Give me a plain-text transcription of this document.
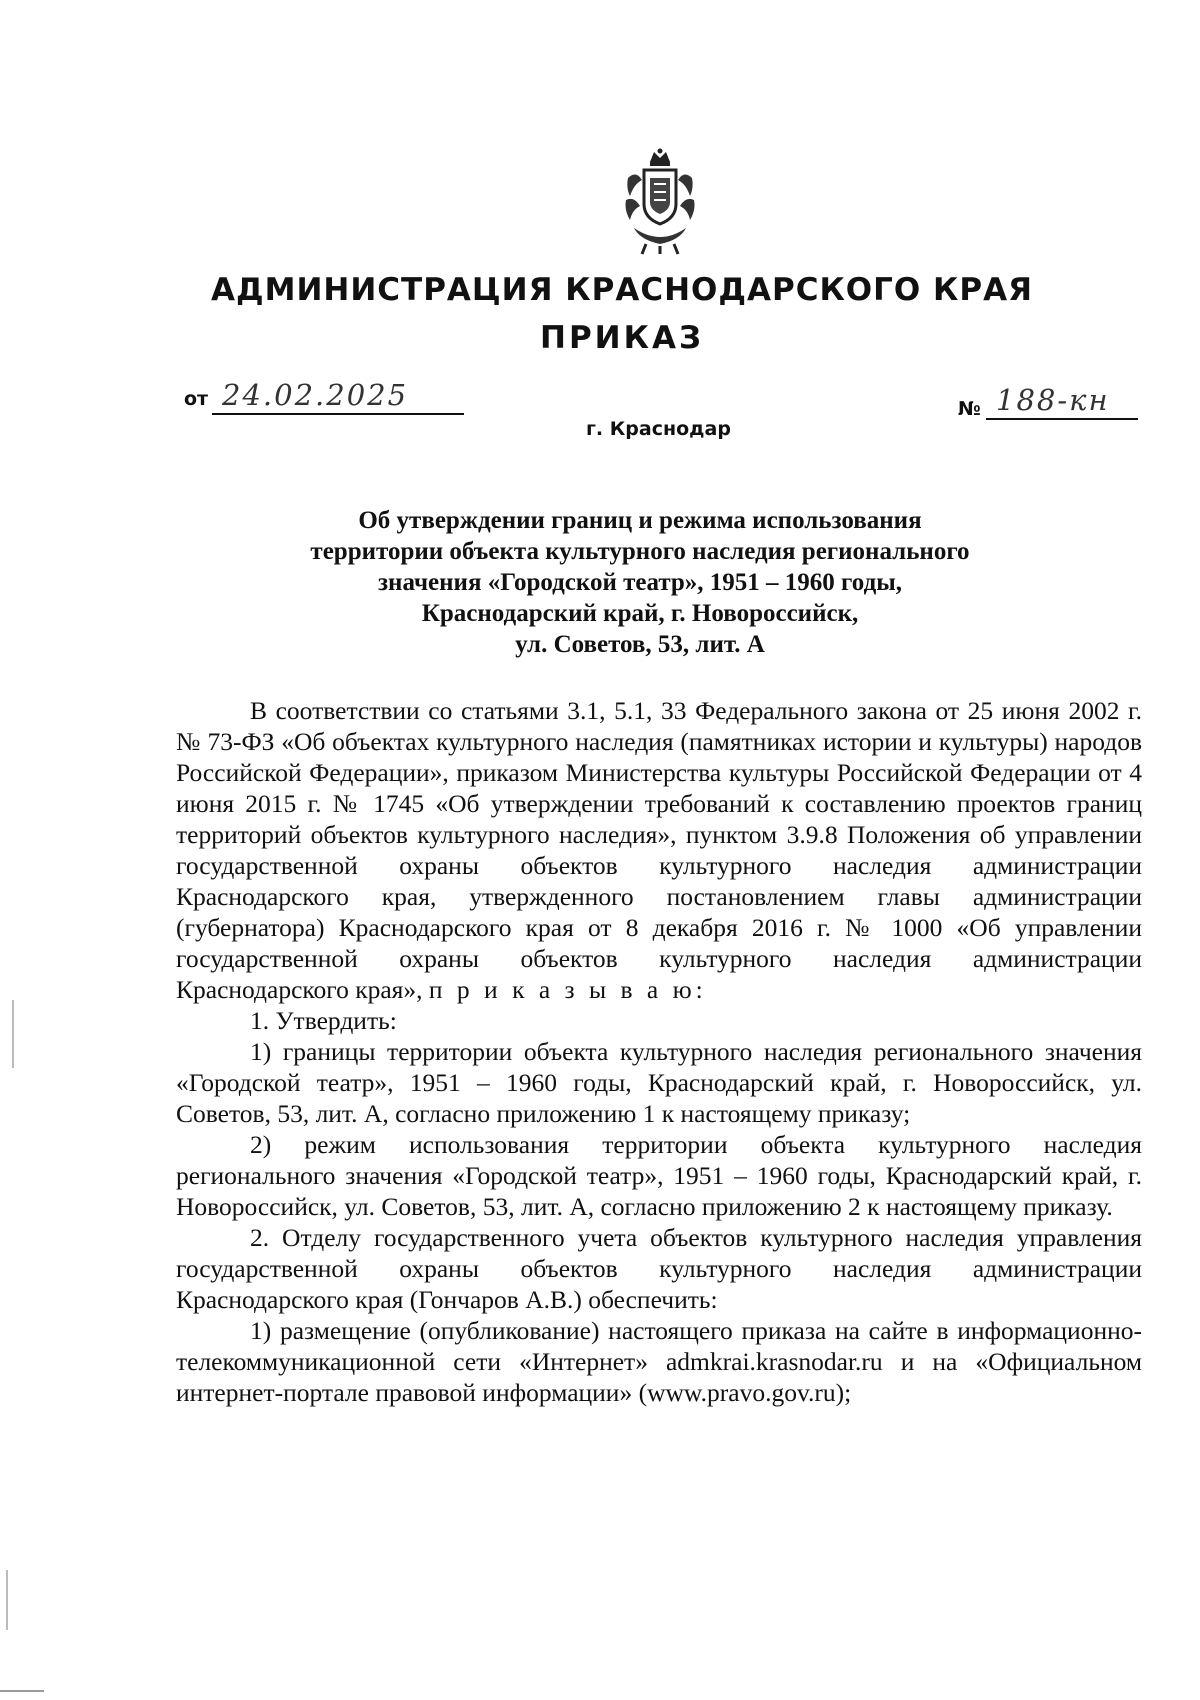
АДМИНИСТРАЦИЯ КРАСНОДАРСКОГО КРАЯ
ПРИКАЗ
от 24.02.2025	№ 188-кн
г. Краснодар
Об утверждении границ и режима использования
территории объекта культурного наследия регионального
значения «Городской театр», 1951 – 1960 годы,
Краснодарский край, г. Новороссийск,
ул. Советов, 53, лит. А

В соответствии со статьями 3.1, 5.1, 33 Федерального закона от 25 июня 2002 г. № 73-ФЗ «Об объектах культурного наследия (памятниках истории и культуры) народов Российской Федерации», приказом Министерства культуры Российской Федерации от 4 июня 2015 г. № 1745 «Об утверждении требований к составлению проектов границ территорий объектов культурного наследия», пунктом 3.9.8 Положения об управлении государственной охраны объектов культурного наследия администрации Краснодарского края, утвержденного постановлением главы администрации (губернатора) Краснодарского края от 8 декабря 2016 г. № 1000 «Об управлении государственной охраны объектов культурного наследия администрации Краснодарского края», п р и к а з ы в а ю:

1. Утвердить:

1) границы территории объекта культурного наследия регионального значения «Городской театр», 1951 – 1960 годы, Краснодарский край, г. Новороссийск, ул. Советов, 53, лит. А, согласно приложению 1 к настоящему приказу;

2) режим использования территории объекта культурного наследия регионального значения «Городской театр», 1951 – 1960 годы, Краснодарский край, г. Новороссийск, ул. Советов, 53, лит. А, согласно приложению 2 к настоящему приказу.

2. Отделу государственного учета объектов культурного наследия управления государственной охраны объектов культурного наследия администрации Краснодарского края (Гончаров А.В.) обеспечить:

1) размещение (опубликование) настоящего приказа на сайте в информационно-телекоммуникационной сети «Интернет» admkrai.krasnodar.ru и на «Официальном интернет-портале правовой информации» (www.pravo.gov.ru);
